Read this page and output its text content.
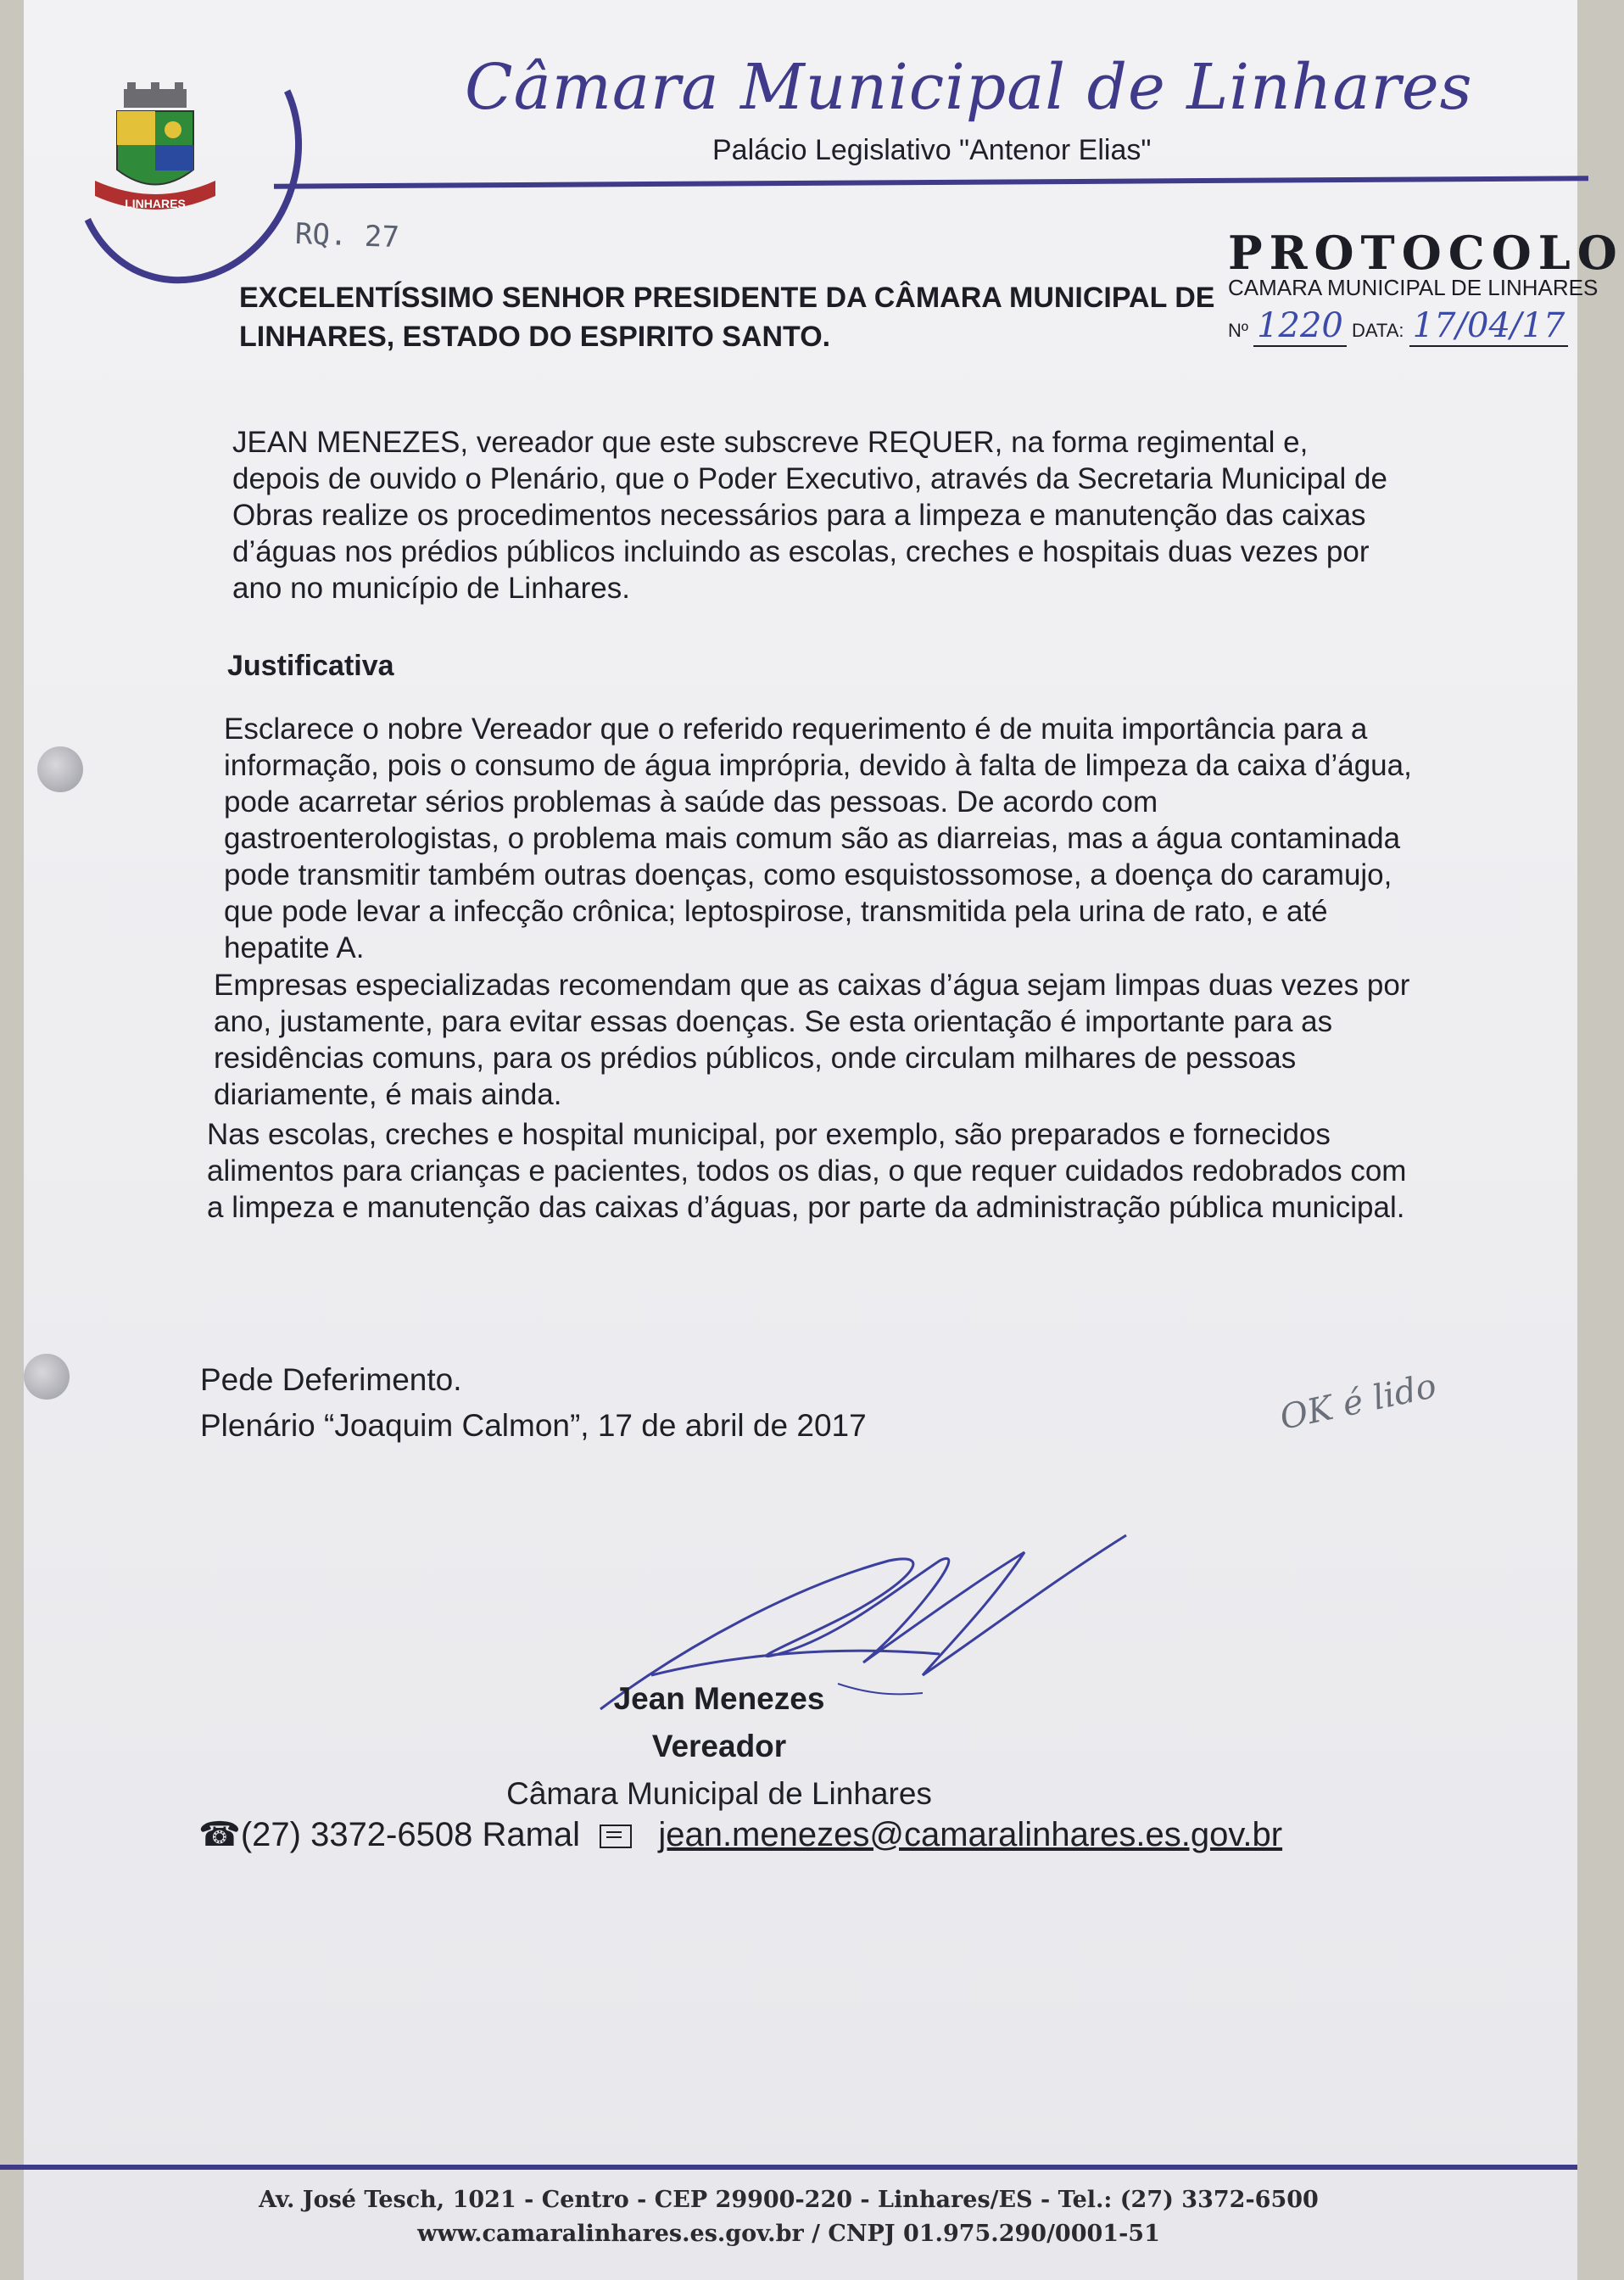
LINHARES
Câmara Municipal de Linhares
Palácio Legislativo "Antenor Elias"
RQ. 27
EXCELENTÍSSIMO SENHOR PRESIDENTE DA CÂMARA MUNICIPAL DE LINHARES, ESTADO DO ESPIRITO SANTO.
PROTOCOLO
CAMARA MUNICIPAL DE LINHARES
Nº 1220 DATA: 17/04/17
JEAN MENEZES, vereador que este subscreve REQUER, na forma regimental e, depois de ouvido o Plenário, que o Poder Executivo, através da Secretaria Municipal de Obras realize os procedimentos necessários para a limpeza e manutenção das caixas d’águas nos prédios públicos incluindo as escolas, creches e hospitais duas vezes por ano no município de Linhares.
Justificativa
Esclarece o nobre Vereador que o referido requerimento é de muita importância para a informação, pois o consumo de água imprópria, devido à falta de limpeza da caixa d’água, pode acarretar sérios problemas à saúde das pessoas. De acordo com gastroenterologistas, o problema mais comum são as diarreias, mas a água contaminada pode transmitir também outras doenças, como esquistossomose, a doença do caramujo, que pode levar a infecção crônica; leptospirose, transmitida pela urina de rato, e até hepatite A.
Empresas especializadas recomendam que as caixas d’água sejam limpas duas vezes por ano, justamente, para evitar essas doenças. Se esta orientação é importante para as residências comuns, para os prédios públicos, onde circulam milhares de pessoas diariamente, é mais ainda.
Nas escolas, creches e hospital municipal, por exemplo, são preparados e fornecidos alimentos para crianças e pacientes, todos os dias, o que requer cuidados redobrados com a limpeza e manutenção das caixas d’águas, por parte da administração pública municipal.
Pede Deferimento.
Plenário “Joaquim Calmon”, 17 de abril de 2017	OK é lido
Jean Menezes
Vereador
Câmara Municipal de Linhares
☎(27) 3372-6508 Ramal jean.menezes@camaralinhares.es.gov.br
Av. José Tesch, 1021 - Centro - CEP 29900-220 - Linhares/ES - Tel.: (27) 3372-6500
www.camaralinhares.es.gov.br / CNPJ 01.975.290/0001-51
